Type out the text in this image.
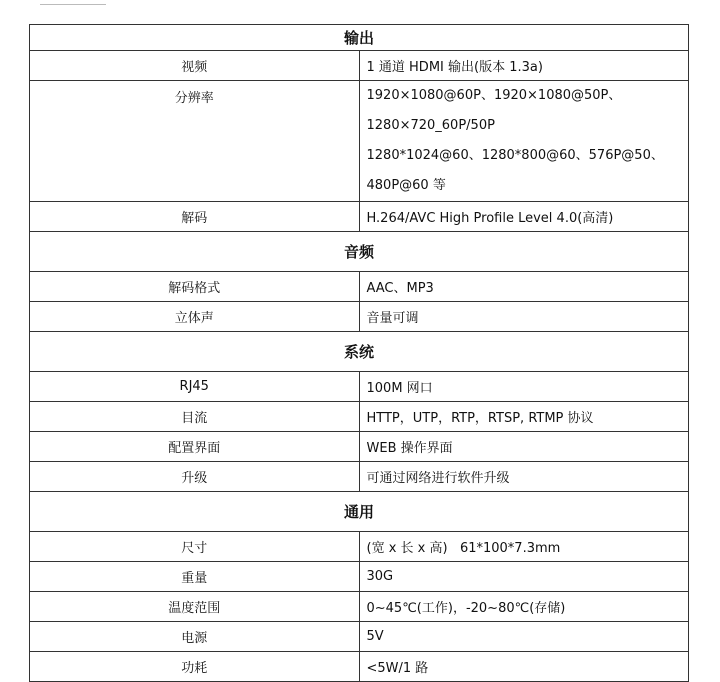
输出	
视频	1 通道 HDMI 输出(版本 1.3a)
分辨率	1920×1080@60P、1920×1080@50P、1280×720_60P/50P
1280*1024@60、1280*800@60、576P@50、480P@60 等

解码	H.264/AVC High Profile Level 4.0(高清)
音频	
解码格式	AAC、MP3
立体声	音量可调
系统	
RJ45	100M 网口
目流	HTTP，UTP，RTP，RTSP, RTMP 协议
配置界面	WEB 操作界面
升级	可通过网络进行软件升级
通用	
尺寸	(宽 x 长 x 高)   61*100*7.3mm
重量	30G
温度范围	0~45℃(工作)，-20~80℃(存储)
电源	5V
功耗	<5W/1 路
